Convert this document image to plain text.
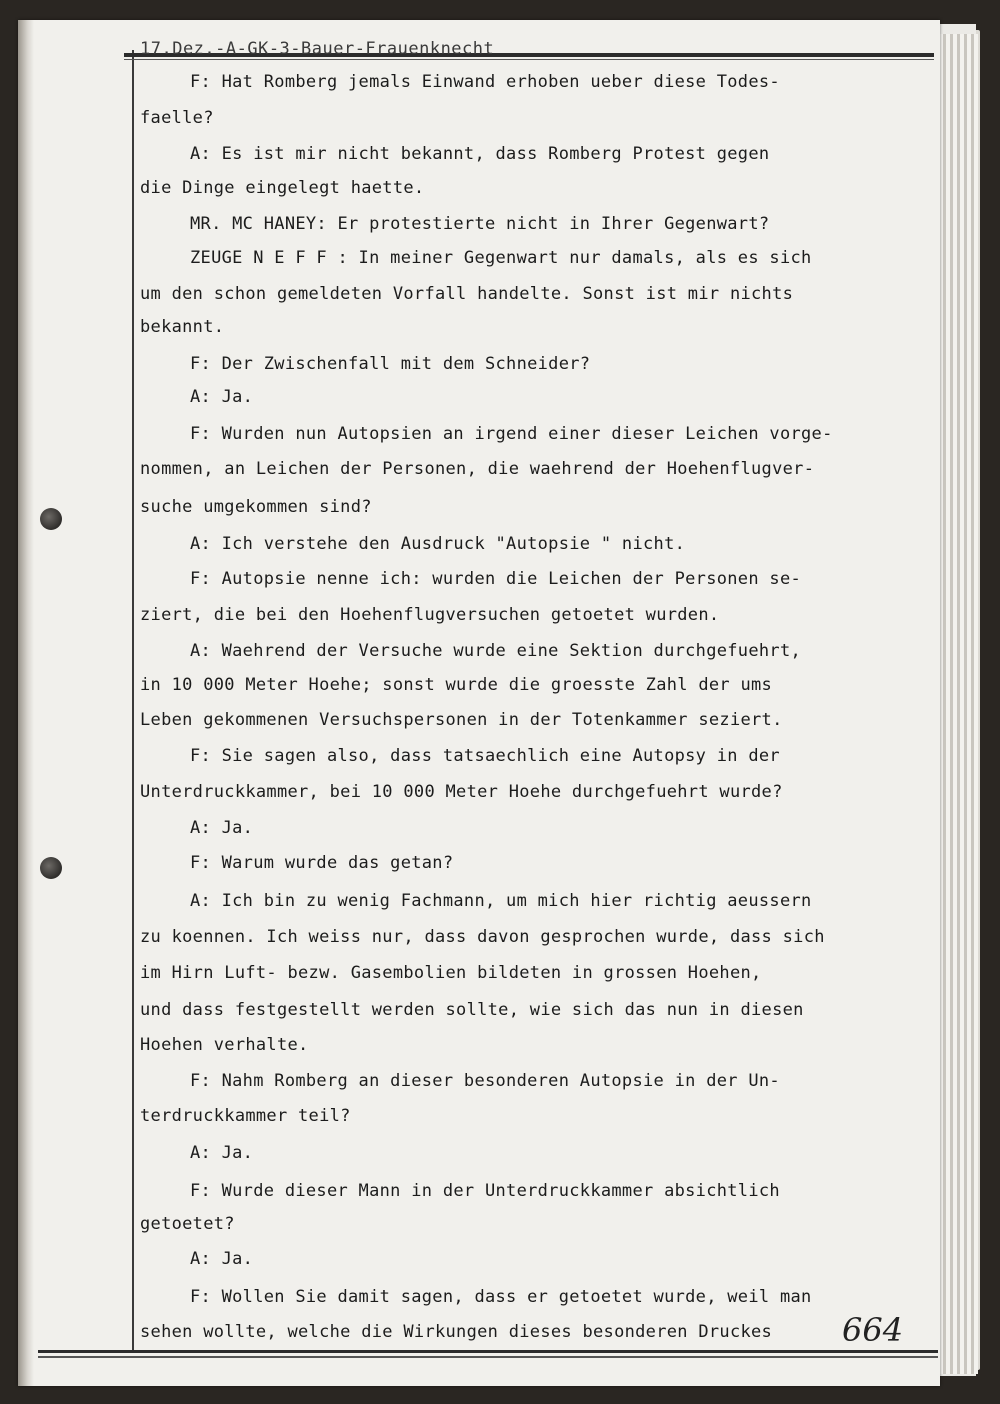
17.Dez.-A-GK-3-Bauer-Frauenknecht
F: Hat Romberg jemals Einwand erhoben ueber diese Todes-
faelle?
A: Es ist mir nicht bekannt, dass Romberg Protest gegen
die Dinge eingelegt haette.
MR. MC HANEY: Er protestierte nicht in Ihrer Gegenwart?
ZEUGE N E F F : In meiner Gegenwart nur damals, als es sich
um den schon gemeldeten Vorfall handelte. Sonst ist mir nichts
bekannt.
F: Der Zwischenfall mit dem Schneider?
A: Ja.
F: Wurden nun Autopsien an irgend einer dieser Leichen vorge-
nommen, an Leichen der Personen, die waehrend der Hoehenflugver-
suche umgekommen sind?
A: Ich verstehe den Ausdruck "Autopsie " nicht.
F: Autopsie nenne ich: wurden die Leichen der Personen se-
ziert, die bei den Hoehenflugversuchen getoetet wurden.
A: Waehrend der Versuche wurde eine Sektion durchgefuehrt,
in 10 000 Meter Hoehe; sonst wurde die groesste Zahl der ums
Leben gekommenen Versuchspersonen in der Totenkammer seziert.
F: Sie sagen also, dass tatsaechlich eine Autopsy in der
Unterdruckkammer, bei 10 000 Meter Hoehe durchgefuehrt wurde?
A: Ja.
F: Warum wurde das getan?
A: Ich bin zu wenig Fachmann, um mich hier richtig aeussern
zu koennen. Ich weiss nur, dass davon gesprochen wurde, dass sich
im Hirn Luft- bezw. Gasembolien bildeten in grossen Hoehen,
und dass festgestellt werden sollte, wie sich das nun in diesen
Hoehen verhalte.
F: Nahm Romberg an dieser besonderen Autopsie in der Un-
terdruckkammer teil?
A: Ja.
F: Wurde dieser Mann in der Unterdruckkammer absichtlich
getoetet?
A: Ja.
F: Wollen Sie damit sagen, dass er getoetet wurde, weil man
sehen wollte, welche die Wirkungen dieses besonderen Druckes 664
